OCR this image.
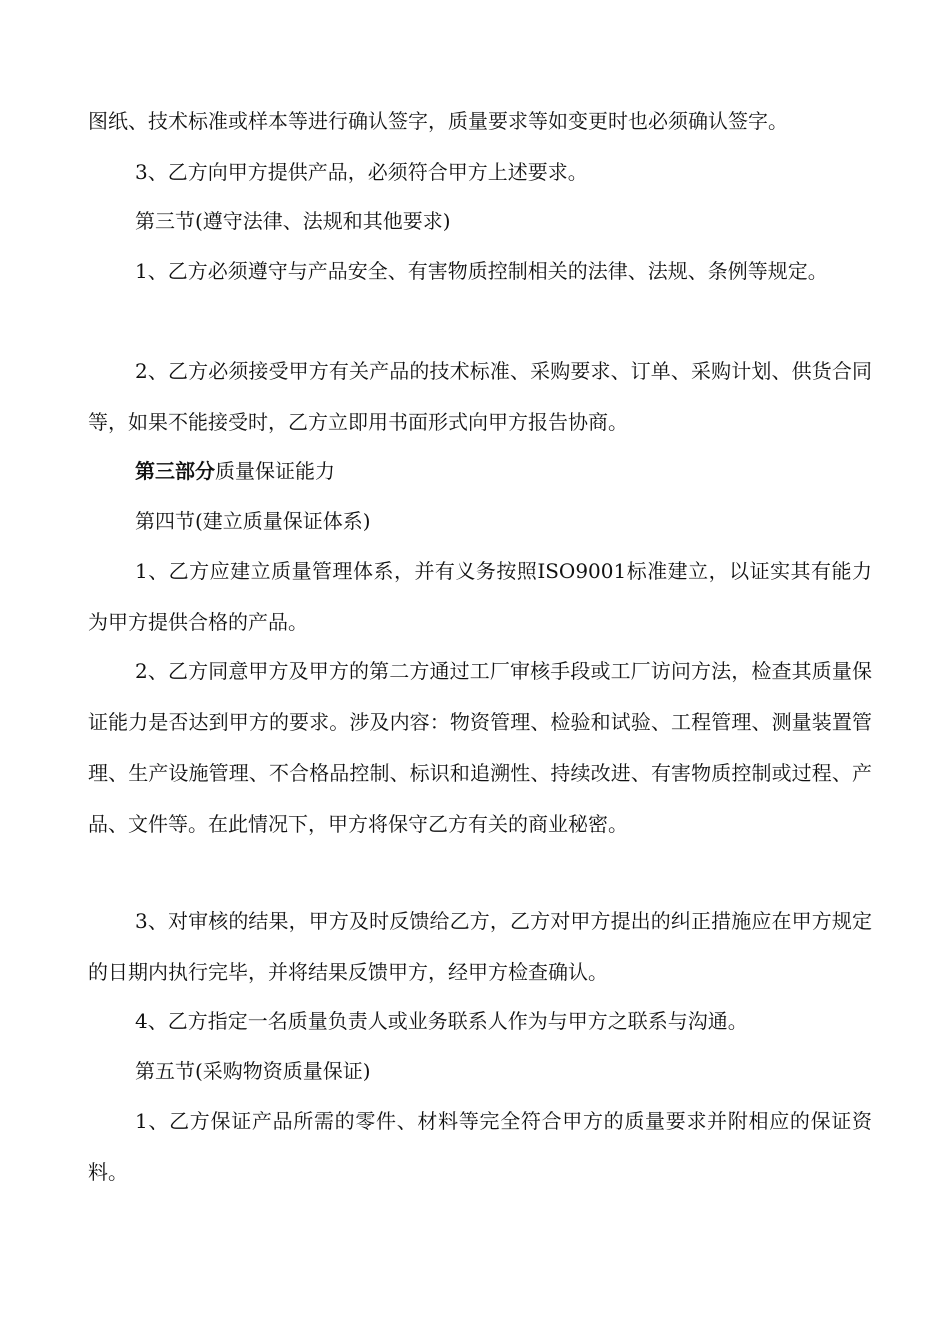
图纸、技术标准或样本等进行确认签字，质量要求等如变更时也必须确认签字。

3、乙方向甲方提供产品，必须符合甲方上述要求。

第三节(遵守法律、法规和其他要求)

1、乙方必须遵守与产品安全、有害物质控制相关的法律、法规、条例等规定。

2、乙方必须接受甲方有关产品的技术标准、采购要求、订单、采购计划、供货合同等，如果不能接受时，乙方立即用书面形式向甲方报告协商。

第三部分质量保证能力

第四节(建立质量保证体系)

1、乙方应建立质量管理体系，并有义务按照ISO9001标准建立，以证实其有能力为甲方提供合格的产品。

2、乙方同意甲方及甲方的第二方通过工厂审核手段或工厂访问方法，检查其质量保证能力是否达到甲方的要求。涉及内容：物资管理、检验和试验、工程管理、测量装置管理、生产设施管理、不合格品控制、标识和追溯性、持续改进、有害物质控制或过程、产品、文件等。在此情况下，甲方将保守乙方有关的商业秘密。

3、对审核的结果，甲方及时反馈给乙方，乙方对甲方提出的纠正措施应在甲方规定的日期内执行完毕，并将结果反馈甲方，经甲方检查确认。

4、乙方指定一名质量负责人或业务联系人作为与甲方之联系与沟通。

第五节(采购物资质量保证)

1、乙方保证产品所需的零件、材料等完全符合甲方的质量要求并附相应的保证资料。
